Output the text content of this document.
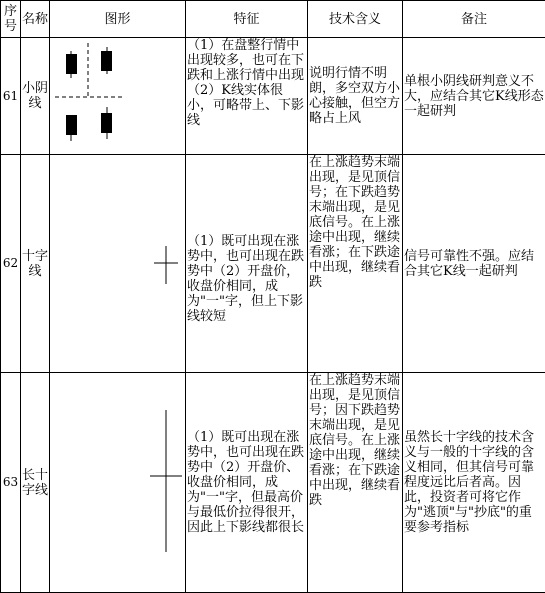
序号	名称	图形	特征	技术含义	备注
61	小阴线		（1）在盘整行情中出现较多，也可在下跌和上涨行情中出现（2）K线实体很小，可略带上、下影线	说明行情不明朗，多空双方小心接触，但空方略占上风	单根小阴线研判意义不大，应结合其它K线形态一起研判
62	十字线		（1）既可出现在涨势中，也可出现在跌势中（2）开盘价，收盘价相同，成为"一"字，但上下影线较短	在上涨趋势末端出现，是见顶信号；在下跌趋势末端出现，是见底信号。在上涨途中出现，继续看涨；在下跌途中出现，继续看跌	信号可靠性不强。应结合其它K线一起研判
63	长十字线		（1）既可出现在涨势中，也可出现在跌势中（2）开盘价、收盘价相同，成为"一"字，但最高价与最低价拉得很开，因此上下影线都很长	在上涨趋势末端出现，是见顶信号；因下跌趋势末端出现，是见底信号。在上涨途中出现，继续看涨；在下跌途中出现，继续看跌	虽然长十字线的技术含义与一般的十字线的含义相同，但其信号可靠程度远比后者高。因此，投资者可将它作为"逃顶"与"抄底"的重要参考指标
